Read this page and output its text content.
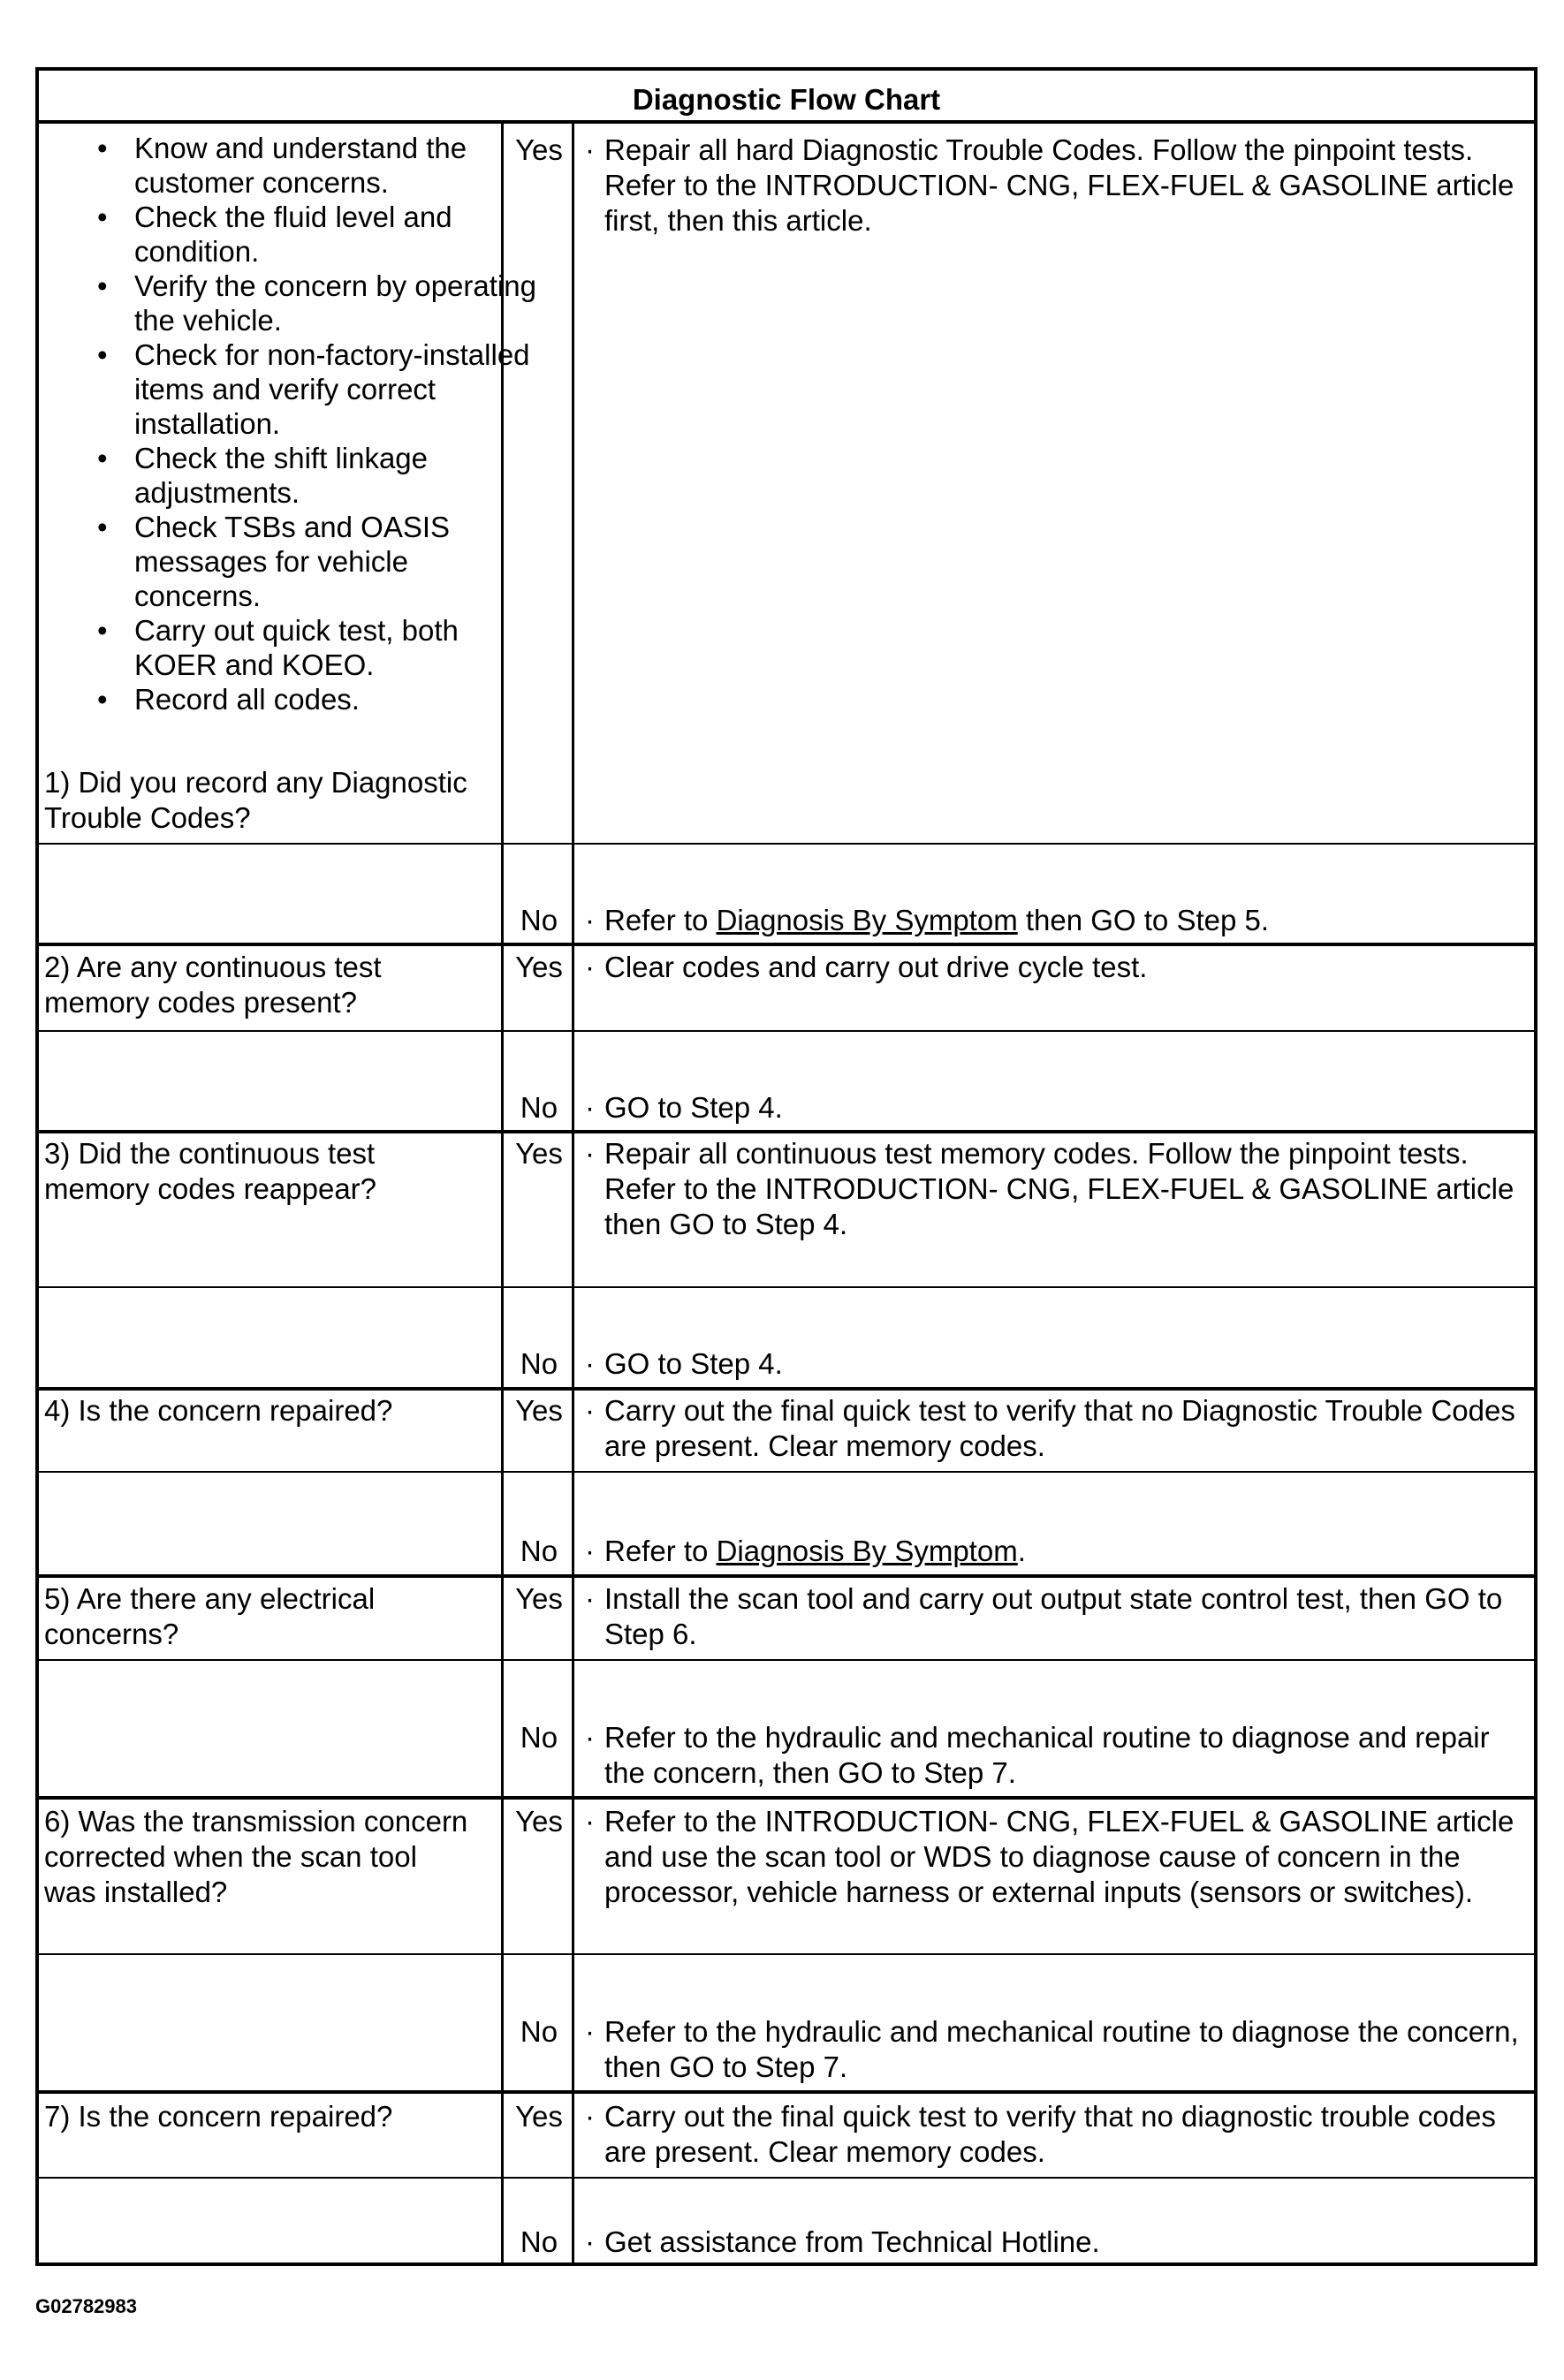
Diagnostic Flow Chart
• Know and understand the customer concerns.
• Check the fluid level and condition.
• Verify the concern by operating the vehicle.
• Check for non-factory-installed items and verify correct installation.
• Check the shift linkage adjustments.
• Check TSBs and OASIS messages for vehicle concerns.
• Carry out quick test, both KOER and KOEO.
• Record all codes.
1) Did you record any Diagnostic Trouble Codes?
Yes · Repair all hard Diagnostic Trouble Codes. Follow the pinpoint tests. Refer to the INTRODUCTION- CNG, FLEX-FUEL & GASOLINE article first, then this article.
No · Refer to Diagnosis By Symptom then GO to Step 5.
2) Are any continuous test memory codes present?
Yes · Clear codes and carry out drive cycle test.
No · GO to Step 4.
3) Did the continuous test memory codes reappear?
Yes · Repair all continuous test memory codes. Follow the pinpoint tests. Refer to the INTRODUCTION- CNG, FLEX-FUEL & GASOLINE article then GO to Step 4.
No · GO to Step 4.
4) Is the concern repaired?	Yes · Carry out the final quick test to verify that no Diagnostic Trouble Codes are present. Clear memory codes.
No · Refer to Diagnosis By Symptom.
5) Are there any electrical concerns?
Yes · Install the scan tool and carry out output state control test, then GO to Step 6.
No · Refer to the hydraulic and mechanical routine to diagnose and repair the concern, then GO to Step 7.
6) Was the transmission concern corrected when the scan tool was installed?
Yes · Refer to the INTRODUCTION- CNG, FLEX-FUEL & GASOLINE article and use the scan tool or WDS to diagnose cause of concern in the processor, vehicle harness or external inputs (sensors or switches).
No · Refer to the hydraulic and mechanical routine to diagnose the concern, then GO to Step 7.
7) Is the concern repaired?	Yes · Carry out the final quick test to verify that no diagnostic trouble codes are present. Clear memory codes.
No · Get assistance from Technical Hotline.
G02782983
